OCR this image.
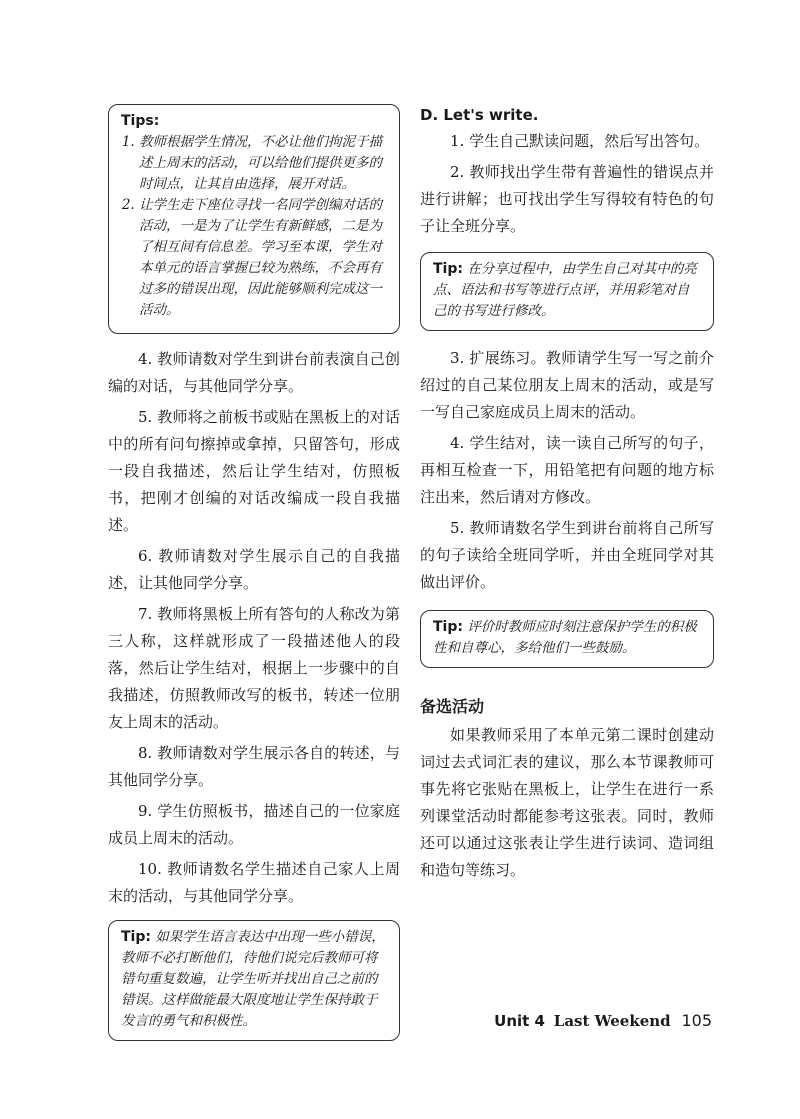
Tips:
1. 教师根据学生情况，不必让他们拘泥于描述上周末的活动，可以给他们提供更多的时间点，让其自由选择，展开对话。
2. 让学生走下座位寻找一名同学创编对话的活动，一是为了让学生有新鲜感，二是为了相互间有信息差。学习至本课，学生对本单元的语言掌握已较为熟练，不会再有过多的错误出现，因此能够顺利完成这一活动。

4. 教师请数对学生到讲台前表演自己创编的对话，与其他同学分享。

5. 教师将之前板书或贴在黑板上的对话中的所有问句擦掉或拿掉，只留答句，形成一段自我描述，然后让学生结对，仿照板书，把刚才创编的对话改编成一段自我描述。

6. 教师请数对学生展示自己的自我描述，让其他同学分享。

7. 教师将黑板上所有答句的人称改为第三人称，这样就形成了一段描述他人的段落，然后让学生结对，根据上一步骤中的自我描述，仿照教师改写的板书，转述一位朋友上周末的活动。

8. 教师请数对学生展示各自的转述，与其他同学分享。

9. 学生仿照板书，描述自己的一位家庭成员上周末的活动。

10. 教师请数名学生描述自己家人上周末的活动，与其他同学分享。

Tip: 如果学生语言表达中出现一些小错误，教师不必打断他们，待他们说完后教师可将错句重复数遍，让学生听并找出自己之前的错误。这样做能最大限度地让学生保持敢于发言的勇气和积极性。
D. Let's write.

1. 学生自己默读问题，然后写出答句。

2. 教师找出学生带有普遍性的错误点并进行讲解；也可找出学生写得较有特色的句子让全班分享。

Tip: 在分享过程中，由学生自己对其中的亮点、语法和书写等进行点评，并用彩笔对自己的书写进行修改。

3. 扩展练习。教师请学生写一写之前介绍过的自己某位朋友上周末的活动，或是写一写自己家庭成员上周末的活动。

4. 学生结对，读一读自己所写的句子，再相互检查一下，用铅笔把有问题的地方标注出来，然后请对方修改。

5. 教师请数名学生到讲台前将自己所写的句子读给全班同学听，并由全班同学对其做出评价。

Tip: 评价时教师应时刻注意保护学生的积极性和自尊心，多给他们一些鼓励。
备选活动

如果教师采用了本单元第二课时创建动词过去式词汇表的建议，那么本节课教师可事先将它张贴在黑板上，让学生在进行一系列课堂活动时都能参考这张表。同时，教师还可以通过这张表让学生进行读词、造词组和造句等练习。

Unit 4 Last Weekend 105
